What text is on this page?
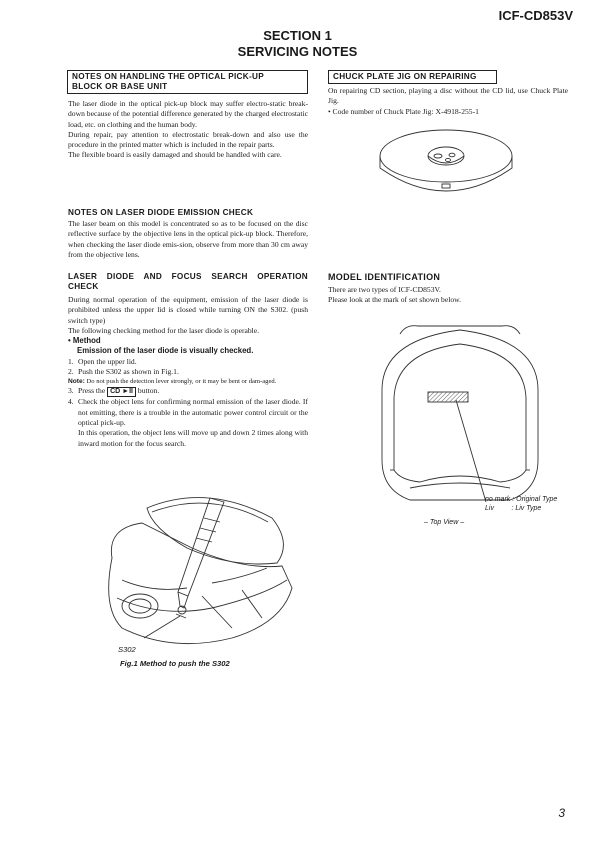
ICF-CD853V
SECTION 1
SERVICING NOTES
NOTES ON HANDLING THE OPTICAL PICK-UP
BLOCK OR BASE UNIT

The laser diode in the optical pick-up block may suffer electro-static break-down because of the potential difference generated by the charged electrostatic load, etc. on clothing and the human body.

During repair, pay attention to electrostatic break-down and also use the procedure in the printed matter which is included in the repair parts.

The flexible board is easily damaged and should be handled with care.

NOTES ON LASER DIODE EMISSION CHECK
The laser beam on this model is concentrated so as to be focused on the disc reflective surface by the objective lens in the optical pick-up block. Therefore, when checking the laser diode emis-sion, observe from more than 30 cm away from the objective lens.
LASER DIODE AND FOCUS SEARCH OPERATION
CHECK

During normal operation of the equipment, emission of the laser diode is prohibited unless the upper lid is closed while turning ON the S302. (push switch type)

The following checking method for the laser diode is operable.

• Method

Emission of the laser diode is visually checked.

1. Open the upper lid.
2. Push the S302 as shown in Fig.1.
Note: Do not push the detection lever strongly, or it may be bent or dam-aged.
3. Press the CD ►II button.
4. Check the object lens for confirming normal emission of the laser diode. If not emitting, there is a trouble in the automatic power control circuit or the optical pick-up.
In this operation, the object lens will move up and down 2 times along with inward motion for the focus search.
S302
Fig.1 Method to push the S302
CHUCK PLATE JIG ON REPAIRING

On repairing CD section, playing a disc without the CD lid, use Chuck Plate Jig.

• Code number of Chuck Plate Jig: X-4918-255-1

MODEL IDENTIFICATION

There are two types of ICF-CD853V.

Please look at the mark of set shown below.

no mark : Original Type
Liv         : Liv Type
– Top View –
3
